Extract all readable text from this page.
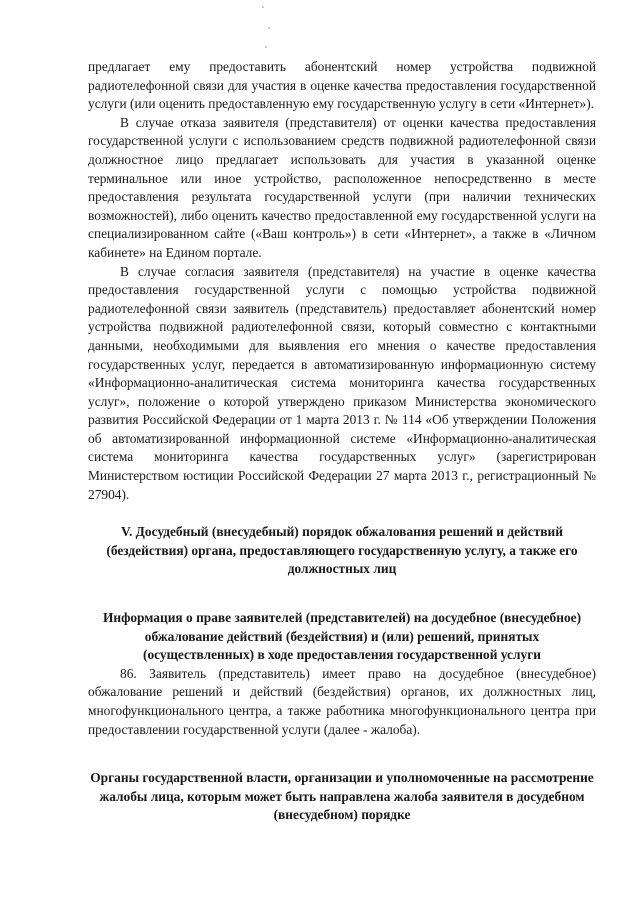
предлагает ему предоставить абонентский номер устройства подвижной радиотелефонной связи для участия в оценке качества предоставления государственной услуги (или оценить предоставленную ему государственную услугу в сети «Интернет»).

В случае отказа заявителя (представителя) от оценки качества предоставления государственной услуги с использованием средств подвижной радиотелефонной связи должностное лицо предлагает использовать для участия в указанной оценке терминальное или иное устройство, расположенное непосредственно в месте предоставления результата государственной услуги (при наличии технических возможностей), либо оценить качество предоставленной ему государственной услуги на специализированном сайте («Ваш контроль») в сети «Интернет», а также в «Личном кабинете» на Едином портале.

В случае согласия заявителя (представителя) на участие в оценке качества предоставления государственной услуги с помощью устройства подвижной радиотелефонной связи заявитель (представитель) предоставляет абонентский номер устройства подвижной радиотелефонной связи, который совместно с контактными данными, необходимыми для выявления его мнения о качестве предоставления государственных услуг, передается в автоматизированную информационную систему «Информационно-аналитическая система мониторинга качества государственных услуг», положение о которой утверждено приказом Министерства экономического развития Российской Федерации от 1 марта 2013 г. № 114 «Об утверждении Положения об автоматизированной информационной системе «Информационно-аналитическая система мониторинга качества государственных услуг» (зарегистрирован Министерством юстиции Российской Федерации 27 марта 2013 г., регистрационный № 27904).

V. Досудебный (внесудебный) порядок обжалования решений и действий (бездействия) органа, предоставляющего государственную услугу, а также его должностных лиц
Информация о праве заявителей (представителей) на досудебное (внесудебное) обжалование действий (бездействия) и (или) решений, принятых (осуществленных) в ходе предоставления государственной услуги

86. Заявитель (представитель) имеет право на досудебное (внесудебное) обжалование решений и действий (бездействия) органов, их должностных лиц, многофункционального центра, а также работника многофункционального центра при предоставлении государственной услуги (далее - жалоба).

Органы государственной власти, организации и уполномоченные на рассмотрение жалобы лица, которым может быть направлена жалоба заявителя в досудебном (внесудебном) порядке
